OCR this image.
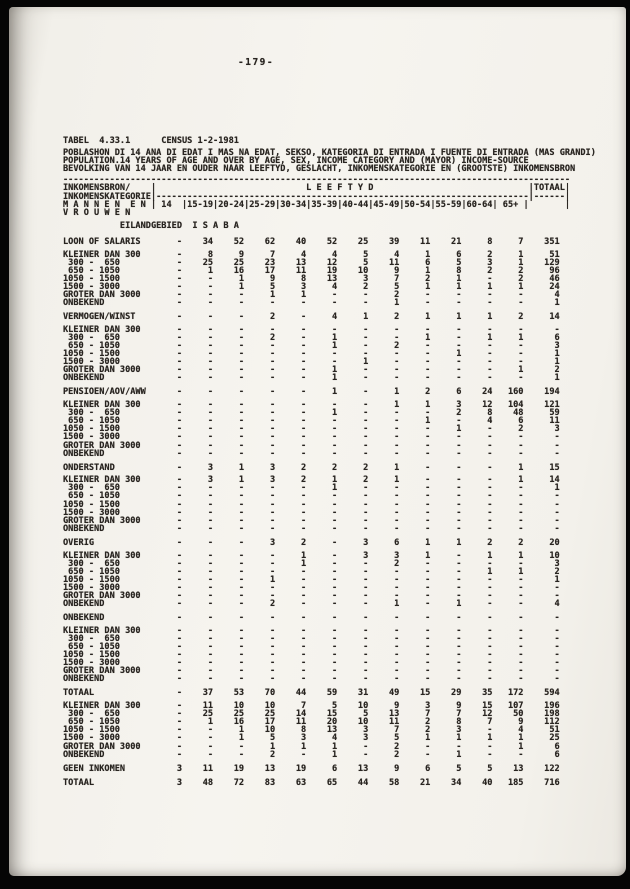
-179-
TABEL  4.33.1      CENSUS 1-2-1981
POBLASHON DI 14 ANA DI EDAT I MAS NA EDAT, SEKSO, KATEGORIA DI ENTRADA I FUENTE DI ENTRADA (MAS GRANDI)
POPULATION.14 YEARS OF AGE AND OVER BY AGE, SEX, INCOME CATEGORY AND (MAYOR) INCOME-SOURCE
BEVOLKING VAN 14 JAAR EN OUDER NAAR LEEFTYD, GESLACHT, INKOMENSKATEGORIE EN (GROOTSTE) INKOMENSBRON
--------------------------------------------------------------------------------------------------
INKOMENSBRON/    |                             L E E F T Y D                              |TOTAAL|
INKOMENSKATEGORIE|------------------------------------------------------------------------|------|
M A N N E N  E N | 14  |15-19|20-24|25-29|30-34|35-39|40-44|45-49|50-54|55-59|60-64| 65+ |       |
V R O U W E N
EILANDGEBIED  I S A B A
LOON OF SALARIS       -    34    52    62    40    52    25    39    11    21     8     7    351
KLEINER DAN 300       -     8     9     7     4     4     5     4     1     6     2     1     51
300 -  650           -    25    25    23    13    12     5    11     6     5     3     1    129
650 - 1050           -     1    16    17    11    19    10     9     1     8     2     2     96
1050 - 1500           -     -     1     9     8    13     3     7     2     1     -     2     46
1500 - 3000           -     -     1     5     3     4     2     5     1     1     1     1     24
GROTER DAN 3000       -     -     -     1     1     -     -     2     -     -     -     -      4
ONBEKEND              -     -     -     -     -     -     -     1     -     -     -     -      1
VERMOGEN/WINST        -     -     -     2     -     4     1     2     1     1     1     2     14
KLEINER DAN 300       -     -     -     -     -     -     -     -     -     -     -     -      -
300 -  650           -     -     -     2     -     1     -     -     1     -     1     1      6
650 - 1050           -     -     -     -     -     1     -     2     -     -     -     -      3
1050 - 1500           -     -     -     -     -     -     -     -     -     1     -     -      1
1500 - 3000           -     -     -     -     -     -     1     -     -     -     -     -      1
GROTER DAN 3000       -     -     -     -     -     1     -     -     -     -     -     1      2
ONBEKEND              -     -     -     -     -     1     -     -     -     -     -     -      1
PENSIOEN/AOV/AWW      -     -     -     -     -     1     -     1     2     6    24   160    194
KLEINER DAN 300       -     -     -     -     -     -     -     1     1     3    12   104    121
300 -  650           -     -     -     -     -     1     -     -     -     2     8    48     59
650 - 1050           -     -     -     -     -     -     -     -     1     -     4     6     11
1050 - 1500           -     -     -     -     -     -     -     -     -     1     -     2      3
1500 - 3000           -     -     -     -     -     -     -     -     -     -     -     -      -
GROTER DAN 3000       -     -     -     -     -     -     -     -     -     -     -     -      -
ONBEKEND              -     -     -     -     -     -     -     -     -     -     -     -      -
ONDERSTAND            -     3     1     3     2     2     2     1     -     -     -     1     15
KLEINER DAN 300       -     3     1     3     2     1     2     1     -     -     -     1     14
300 -  650           -     -     -     -     -     1     -     -     -     -     -     -      1
650 - 1050           -     -     -     -     -     -     -     -     -     -     -     -      -
1050 - 1500           -     -     -     -     -     -     -     -     -     -     -     -      -
1500 - 3000           -     -     -     -     -     -     -     -     -     -     -     -      -
GROTER DAN 3000       -     -     -     -     -     -     -     -     -     -     -     -      -
ONBEKEND              -     -     -     -     -     -     -     -     -     -     -     -      -
OVERIG                -     -     -     3     2     -     3     6     1     1     2     2     20
KLEINER DAN 300       -     -     -     -     1     -     3     3     1     -     1     1     10
300 -  650           -     -     -     -     1     -     -     2     -     -     -     -      3
650 - 1050           -     -     -     -     -     -     -     -     -     -     1     1      2
1050 - 1500           -     -     -     1     -     -     -     -     -     -     -     -      1
1500 - 3000           -     -     -     -     -     -     -     -     -     -     -     -      -
GROTER DAN 3000       -     -     -     -     -     -     -     -     -     -     -     -      -
ONBEKEND              -     -     -     2     -     -     -     1     -     1     -     -      4
ONBEKEND              -     -     -     -     -     -     -     -     -     -     -     -      -
KLEINER DAN 300       -     -     -     -     -     -     -     -     -     -     -     -      -
300 -  650           -     -     -     -     -     -     -     -     -     -     -     -      -
650 - 1050           -     -     -     -     -     -     -     -     -     -     -     -      -
1050 - 1500           -     -     -     -     -     -     -     -     -     -     -     -      -
1500 - 3000           -     -     -     -     -     -     -     -     -     -     -     -      -
GROTER DAN 3000       -     -     -     -     -     -     -     -     -     -     -     -      -
ONBEKEND              -     -     -     -     -     -     -     -     -     -     -     -      -
TOTAAL                -    37    53    70    44    59    31    49    15    29    35   172    594
KLEINER DAN 300       -    11    10    10     7     5    10     9     3     9    15   107    196
300 -  650           -    25    25    25    14    15     5    13     7     7    12    50    198
650 - 1050           -     1    16    17    11    20    10    11     2     8     7     9    112
1050 - 1500           -     -     1    10     8    13     3     7     2     3     -     4     51
1500 - 3000           -     -     1     5     3     4     3     5     1     1     1     1     25
GROTER DAN 3000       -     -     -     1     1     1     -     2     -     -     -     1      6
ONBEKEND              -     -     -     2     -     1     -     2     -     1     -     -      6
GEEN INKOMEN          3    11    19    13    19     6    13     9     6     5     5    13    122
TOTAAL                3    48    72    83    63    65    44    58    21    34    40   185    716
